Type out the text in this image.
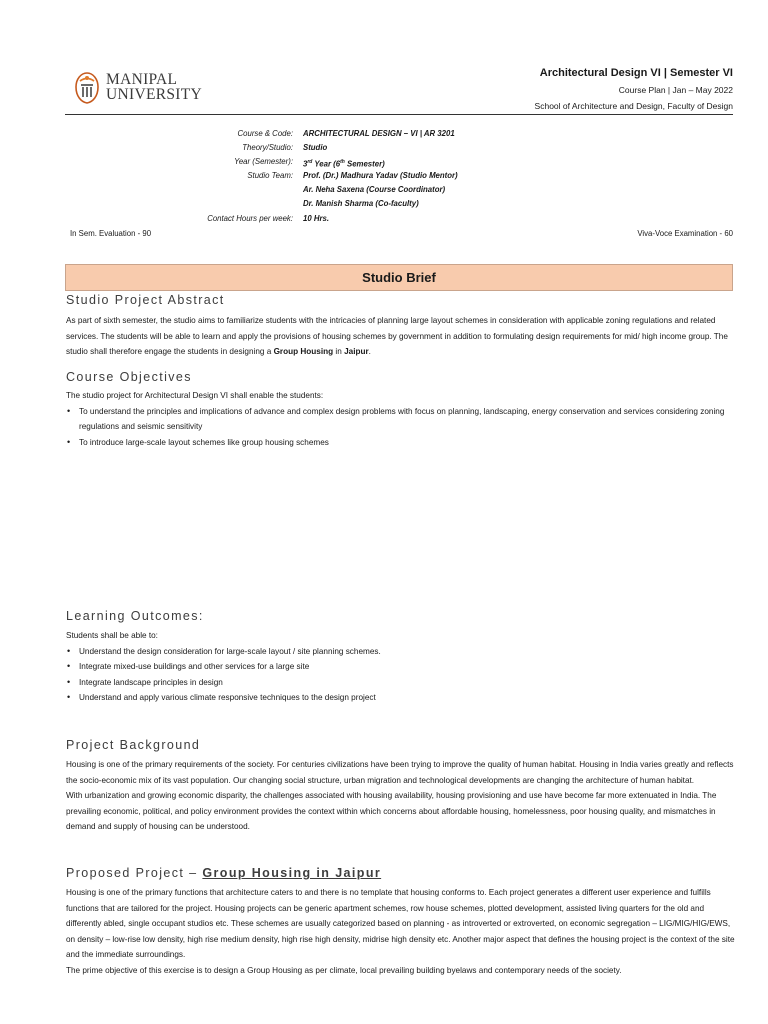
MANIPAL
UNIVERSITY
Architectural Design VI | Semester VI
Course Plan | Jan – May 2022
School of Architecture and Design, Faculty of Design
Course & Code: ARCHITECTURAL DESIGN – VI | AR 3201
Theory/Studio: Studio
Year (Semester): 3rd Year (6th Semester)
Studio Team: Prof. (Dr.) Madhura Yadav (Studio Mentor)
Ar. Neha Saxena (Course Coordinator)
Dr. Manish Sharma (Co-faculty)
Contact Hours per week: 10 Hrs.
In Sem. Evaluation - 90	Viva-Voce Examination - 60
Studio Brief
Studio Project Abstract
As part of sixth semester, the studio aims to familiarize students with the intricacies of planning large layout schemes in consideration with applicable zoning regulations and related services. The students will be able to learn and apply the provisions of housing schemes by government in addition to formulating design requirements for mid/ high income group. The studio shall therefore engage the students in designing a Group Housing in Jaipur.
Course Objectives
The studio project for Architectural Design VI shall enable the students:
• To understand the principles and implications of advance and complex design problems with focus on planning, landscaping, energy conservation and services considering zoning regulations and seismic sensitivity
• To introduce large-scale layout schemes like group housing schemes
Learning Outcomes:
Students shall be able to:
• Understand the design consideration for large-scale layout / site planning schemes.
• Integrate mixed-use buildings and other services for a large site
• Integrate landscape principles in design
• Understand and apply various climate responsive techniques to the design project
Project Background
Housing is one of the primary requirements of the society. For centuries civilizations have been trying to improve the quality of human habitat. Housing in India varies greatly and reflects the socio-economic mix of its vast population. Our changing social structure, urban migration and technological developments are changing the architecture of human habitat.
With urbanization and growing economic disparity, the challenges associated with housing availability, housing provisioning and use have become far more extenuated in India. The prevailing economic, political, and policy environment provides the context within which concerns about affordable housing, homelessness, poor housing quality, and mismatches in demand and supply of housing can be understood.
Proposed Project – Group Housing in Jaipur
Housing is one of the primary functions that architecture caters to and there is no template that housing conforms to. Each project generates a different user experience and fulfills functions that are tailored for the project. Housing projects can be generic apartment schemes, row house schemes, plotted development, assisted living quarters for the old and differently abled, single occupant studios etc. These schemes are usually categorized based on planning - as introverted or extroverted, on economic segregation – LIG/MIG/HIG/EWS, on density – low-rise low density, high rise medium density, high rise high density, midrise high density etc. Another major aspect that defines the housing project is the context of the site and the immediate surroundings.
The prime objective of this exercise is to design a Group Housing as per climate, local prevailing building byelaws and contemporary needs of the society.
